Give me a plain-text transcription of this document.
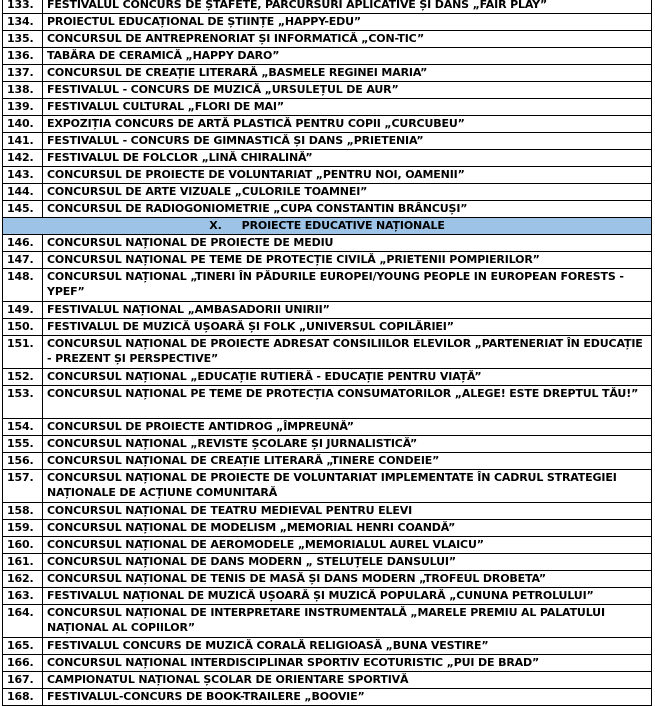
133.	FESTIVALUL CONCURS DE ȘTAFETE, PARCURSURI APLICATIVE ȘI DANS „FAIR PLAY”
134.	PROIECTUL EDUCAȚIONAL DE ȘTIINȚE „HAPPY-EDU”
135.	CONCURSUL DE ANTREPRENORIAT ȘI INFORMATICĂ „CON-TIC”
136.	TABĂRA DE CERAMICĂ „HAPPY DARO”
137.	CONCURSUL DE CREAȚIE LITERARĂ „BASMELE REGINEI MARIA”
138.	FESTIVALUL - CONCURS DE MUZICĂ „URSULEȚUL DE AUR”
139.	FESTIVALUL CULTURAL „FLORI DE MAI”
140.	EXPOZIȚIA CONCURS DE ARTĂ PLASTICĂ PENTRU COPII „CURCUBEU”
141.	FESTIVALUL - CONCURS DE GIMNASTICĂ ȘI DANS „PRIETENIA”
142.	FESTIVALUL DE FOLCLOR „LINĂ CHIRALINĂ”
143.	CONCURSUL DE PROIECTE DE VOLUNTARIAT „PENTRU NOI, OAMENII”
144.	CONCURSUL DE ARTE VIZUALE „CULORILE TOAMNEI”
145.	CONCURSUL DE RADIOGONIOMETRIE „CUPA CONSTANTIN BRÂNCUȘI”
X. PROIECTE EDUCATIVE NAȚIONALE	
146.	CONCURSUL NAȚIONAL DE PROIECTE DE MEDIU
147.	CONCURSUL NAȚIONAL PE TEME DE PROTECȚIE CIVILĂ „PRIETENII POMPIERILOR”
148.	CONCURSUL NAȚIONAL „TINERI ÎN PĂDURILE EUROPEI/YOUNG PEOPLE IN EUROPEAN FORESTS - YPEF”
149.	FESTIVALUL NAȚIONAL „AMBASADORII UNIRII”
150.	FESTIVALUL DE MUZICĂ UȘOARĂ ȘI FOLK „UNIVERSUL COPILĂRIEI”
151.	CONCURSUL NAȚIONAL DE PROIECTE ADRESAT CONSILIILOR ELEVILOR „PARTENERIAT ÎN EDUCAȚIE - PREZENT ȘI PERSPECTIVE”
152.	CONCURSUL NAȚIONAL „EDUCAȚIE RUTIERĂ - EDUCAȚIE PENTRU VIAȚĂ”
153.	CONCURSUL NAȚIONAL PE TEME DE PROTECȚIA CONSUMATORILOR „ALEGE! ESTE DREPTUL TĂU!”
154.	CONCURSUL DE PROIECTE ANTIDROG „ÎMPREUNĂ”
155.	CONCURSUL NAȚIONAL „REVISTE ȘCOLARE ȘI JURNALISTICĂ”
156.	CONCURSUL NAȚIONAL DE CREAȚIE LITERARĂ „TINERE CONDEIE”
157.	CONCURSUL NAȚIONAL DE PROIECTE DE VOLUNTARIAT IMPLEMENTATE ÎN CADRUL STRATEGIEI NAȚIONALE DE ACȚIUNE COMUNITARĂ
158.	CONCURSUL NAȚIONAL DE TEATRU MEDIEVAL PENTRU ELEVI
159.	CONCURSUL NAȚIONAL DE MODELISM „MEMORIAL HENRI COANDĂ”
160.	CONCURSUL NAȚIONAL DE AEROMODELE „MEMORIALUL AUREL VLAICU”
161.	CONCURSUL NAȚIONAL DE DANS MODERN „ STELUȚELE DANSULUI”
162.	CONCURSUL NAȚIONAL DE TENIS DE MASĂ ȘI DANS MODERN „TROFEUL DROBETA”
163.	FESTIVALUL NAȚIONAL DE MUZICĂ UȘOARĂ ȘI MUZICĂ POPULARĂ „CUNUNA PETROLULUI”
164.	CONCURSUL NAȚIONAL DE INTERPRETARE INSTRUMENTALĂ „MARELE PREMIU AL PALATULUI NAȚIONAL AL COPIILOR”
165.	FESTIVALUL CONCURS DE MUZICĂ CORALĂ RELIGIOASĂ „BUNA VESTIRE”
166.	CONCURSUL NAȚIONAL INTERDISCIPLINAR SPORTIV ECOTURISTIC „PUI DE BRAD”
167.	CAMPIONATUL NAȚIONAL ȘCOLAR DE ORIENTARE SPORTIVĂ
168.	FESTIVALUL-CONCURS DE BOOK-TRAILERE „BOOVIE”
